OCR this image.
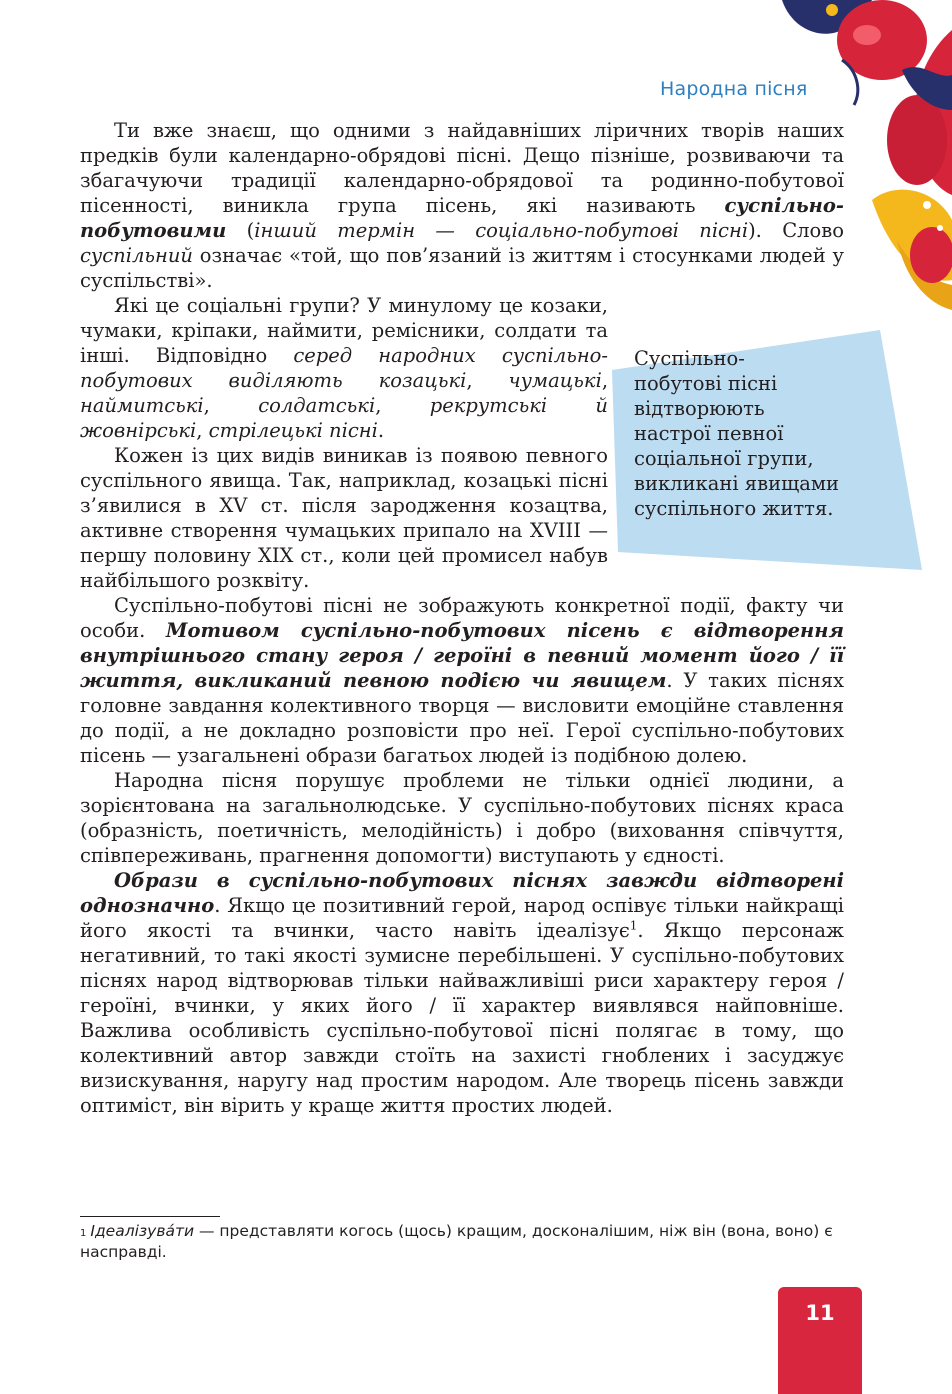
Народна пісня

Ти вже знаєш, що одними з найдавніших ліричних творів наших предків були календарно-обрядові пісні. Дещо пізніше, розвиваючи та збагачуючи традиції календарно-обрядової та родинно-побутової пісенності, виникла група пісень, які називають суспільно-побутовими (інший термін — соціально-побутові пісні). Слово суспільний означає «той, що пов’язаний із життям і стосунками людей у суспільстві».

Які це соціальні групи? У минулому це козаки, чумаки, кріпаки, наймити, ремісники, солдати та інші. Відповідно серед народних суспільно-побутових виділяють козацькі, чумацькі, наймитські, солдатські, рекрутські й жовнірські, стрілецькі пісні.

Кожен із цих видів виникав із появою певного суспільного явища. Так, наприклад, козацькі пісні з’явилися в XV ст. після зародження козацтва, активне створення чумацьких припало на XVIII — першу половину XIX ст., коли цей промисел набув найбільшого розквіту.

Суспільно-побутові пісні не зображують конкретної події, факту чи особи. Мотивом суспільно-побутових пісень є відтворення внутрішнього стану героя / героїні в певний момент його / її життя, викликаний певною подією чи явищем. У таких піснях головне завдання колективного творця — висловити емоційне ставлення до події, а не докладно розповісти про неї. Герої суспільно-побутових пісень — узагальнені образи багатьох людей із подібною долею.

Народна пісня порушує проблеми не тільки однієї людини, а зорієнтована на загальнолюдське. У суспільно-побутових піснях краса (образність, поетичність, мелодійність) і добро (виховання співчуття, співпереживань, прагнення допомогти) виступають у єдності.

Образи в суспільно-побутових піснях завжди відтворені однозначно. Якщо це позитивний герой, народ оспівує тільки найкращі його якості та вчинки, часто навіть ідеалізує$^1$. Якщо персонаж негативний, то такі якості зумисне перебільшені. У суспільно-побутових піснях народ відтворював тільки найважливіші риси характеру героя / героїні, вчинки, у яких його / її характер виявлявся найповніше. Важлива особливість суспільно-побутової пісні полягає в тому, що колективний автор завжди стоїть на захисті гноблених і засуджує визискування, наругу над простим народом. Але творець пісень завжди оптиміст, він вірить у краще життя простих людей.

Суспільно-
побутові пісні
відтворюють
настрої певної
соціальної групи,
викликані явищами
суспільного життя.
$^1$ Ідеалізува́ти — представляти когось (щось) кращим, досконалішим, ніж він (вона, воно) є насправді.
11
